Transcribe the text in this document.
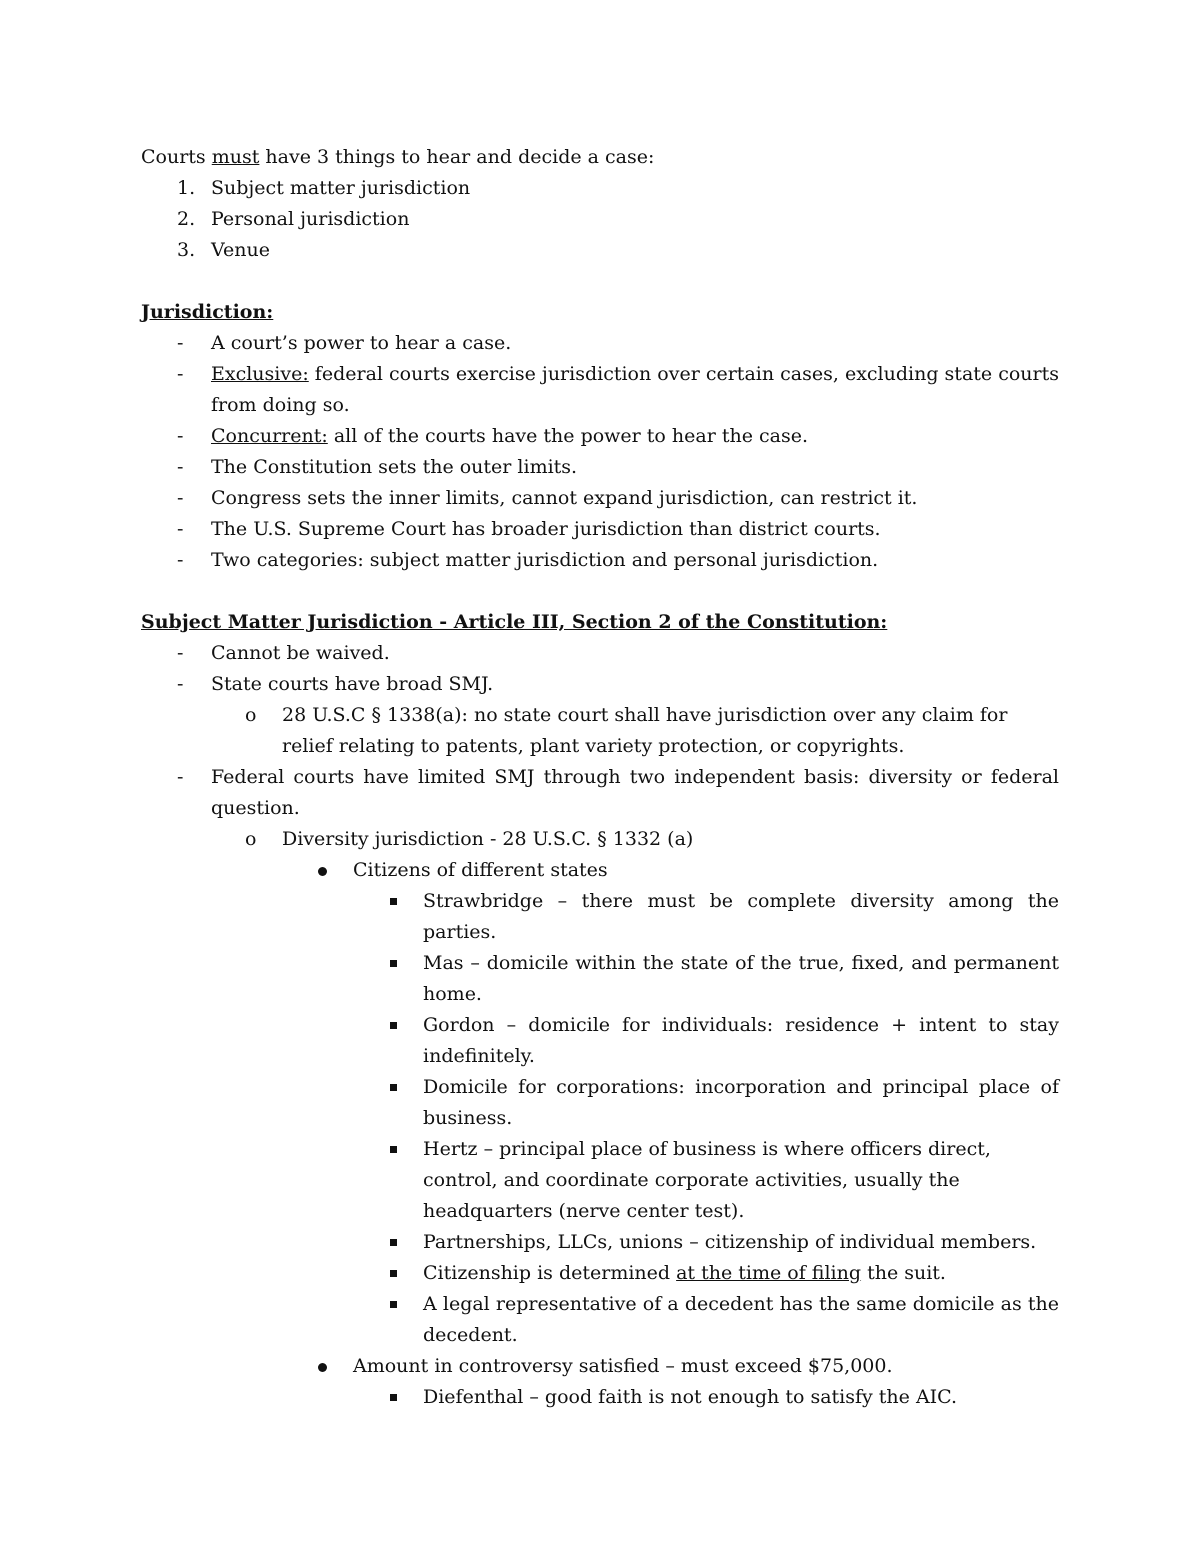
Courts must have 3 things to hear and decide a case:

1. Subject matter jurisdiction
2. Personal jurisdiction
3. Venue

Jurisdiction:

- A court’s power to hear a case.
- Exclusive: federal courts exercise jurisdiction over certain cases, excluding state courts from doing so.
- Concurrent: all of the courts have the power to hear the case.
- The Constitution sets the outer limits.
- Congress sets the inner limits, cannot expand jurisdiction, can restrict it.
- The U.S. Supreme Court has broader jurisdiction than district courts.
- Two categories: subject matter jurisdiction and personal jurisdiction.

Subject Matter Jurisdiction - Article III, Section 2 of the Constitution:

- Cannot be waived.
- State courts have broad SMJ.
o 28 U.S.C § 1338(a): no state court shall have jurisdiction over any claim for relief relating to patents, plant variety protection, or copyrights.
- Federal courts have limited SMJ through two independent basis: diversity or federal question.
o Diversity jurisdiction - 28 U.S.C. § 1332 (a)
Citizens of different states
Strawbridge – there must be complete diversity among the parties.
Mas – domicile within the state of the true, fixed, and permanent home.
Gordon – domicile for individuals: residence + intent to stay indefinitely.
Domicile for corporations: incorporation and principal place of business.
Hertz – principal place of business is where officers direct, control, and coordinate corporate activities, usually the headquarters (nerve center test).
Partnerships, LLCs, unions – citizenship of individual members.
Citizenship is determined at the time of filing the suit.
A legal representative of a decedent has the same domicile as the decedent.
Amount in controversy satisfied – must exceed $75,000.
Diefenthal – good faith is not enough to satisfy the AIC.
